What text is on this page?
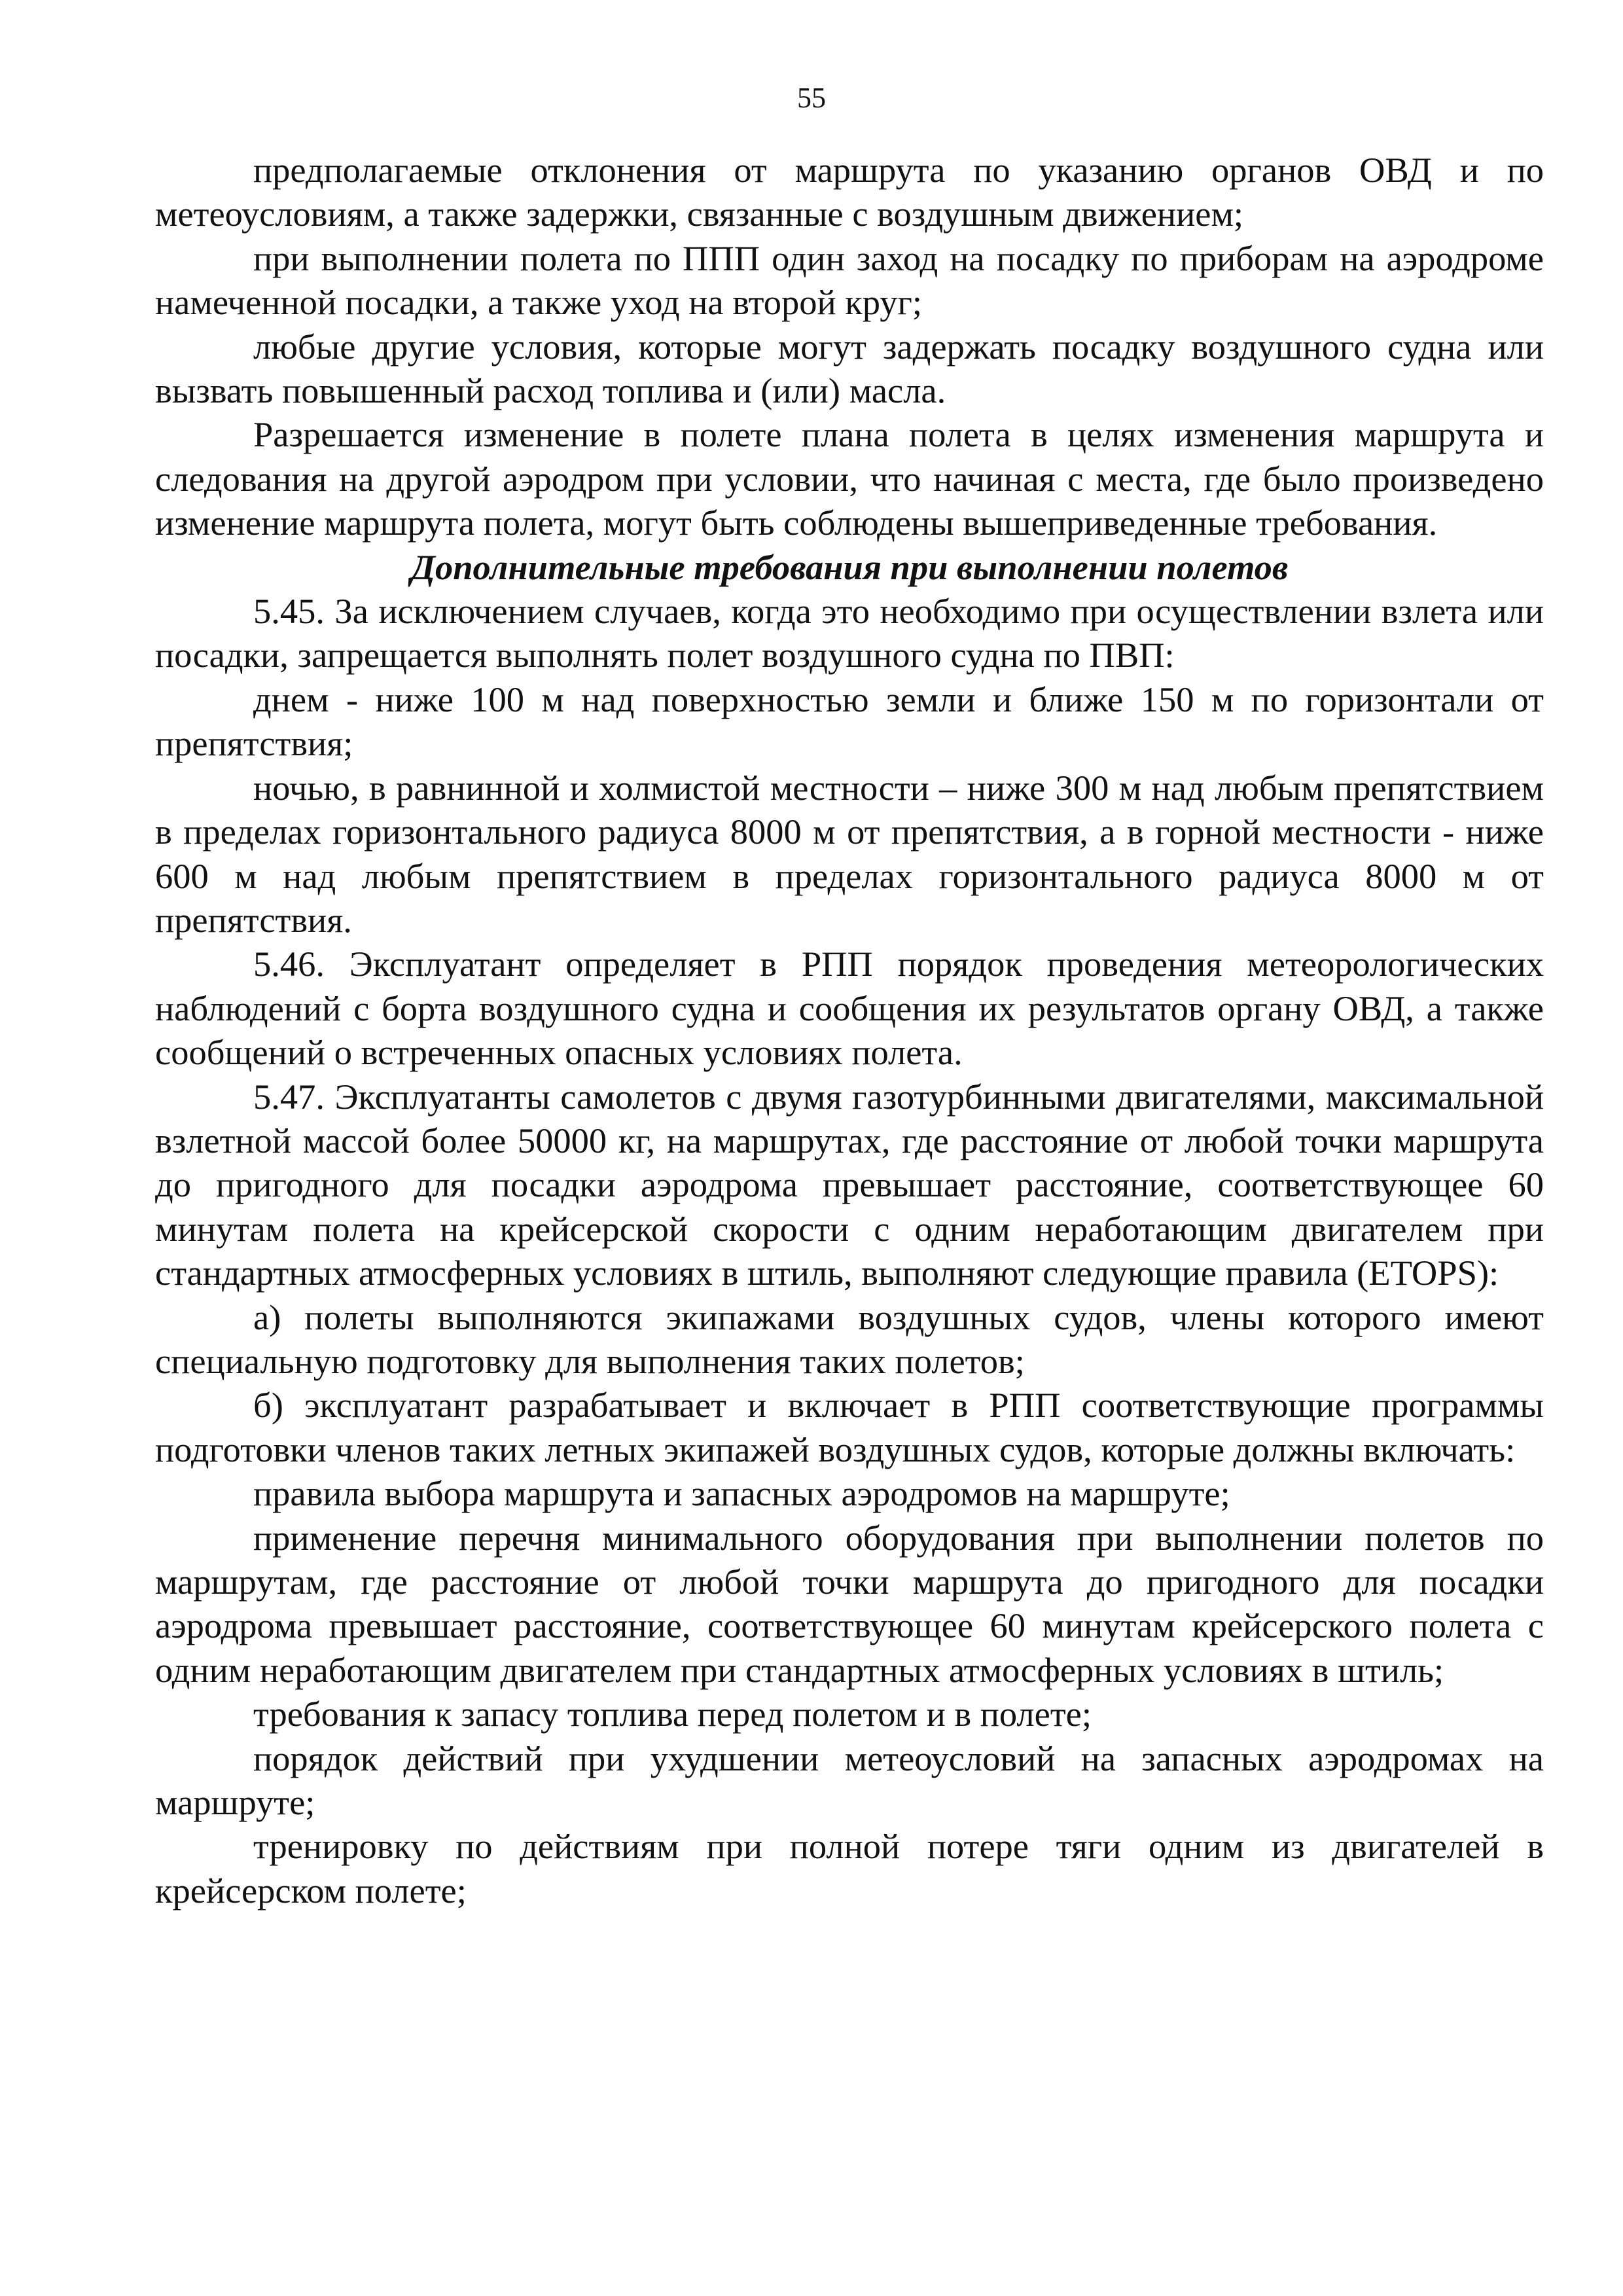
55

предполагаемые отклонения от маршрута по указанию органов ОВД и по метеоусловиям, а также задержки, связанные с воздушным движением;

при выполнении полета по ППП один заход на посадку по приборам на аэродроме намеченной посадки, а также уход на второй круг;

любые другие условия, которые могут задержать посадку воздушного судна или вызвать повышенный расход топлива и (или) масла.

Разрешается изменение в полете плана полета в целях изменения маршрута и следования на другой аэродром при условии, что начиная с места, где было произведено изменение маршрута полета, могут быть соблюдены вышеприведенные требования.

Дополнительные требования при выполнении полетов

5.45. За исключением случаев, когда это необходимо при осуществлении взлета или посадки, запрещается выполнять полет воздушного судна по ПВП:

днем - ниже 100 м над поверхностью земли и ближе 150 м по горизонтали от препятствия;

ночью, в равнинной и холмистой местности – ниже 300 м над любым препятствием в пределах горизонтального радиуса 8000 м от препятствия, а в горной местности - ниже 600 м над любым препятствием в пределах горизонтального радиуса 8000 м от препятствия.

5.46. Эксплуатант определяет в РПП порядок проведения метеорологических наблюдений с борта воздушного судна и сообщения их результатов органу ОВД, а также сообщений о встреченных опасных условиях полета.

5.47. Эксплуатанты самолетов с двумя газотурбинными двигателями, максимальной взлетной массой более 50000 кг, на маршрутах, где расстояние от любой точки маршрута до пригодного для посадки аэродрома превышает расстояние, соответствующее 60 минутам полета на крейсерской скорости с одним неработающим двигателем при стандартных атмосферных условиях в штиль, выполняют следующие правила (ETOPS):

а) полеты выполняются экипажами воздушных судов, члены которого имеют специальную подготовку для выполнения таких полетов;

б) эксплуатант разрабатывает и включает в РПП соответствующие программы подготовки членов таких летных экипажей воздушных судов, которые должны включать:

правила выбора маршрута и запасных аэродромов на маршруте;

применение перечня минимального оборудования при выполнении полетов по маршрутам, где расстояние от любой точки маршрута до пригодного для посадки аэродрома превышает расстояние, соответствующее 60 минутам крейсерского полета с одним неработающим двигателем при стандартных атмосферных условиях в штиль;

требования к запасу топлива перед полетом и в полете;

порядок действий при ухудшении метеоусловий на запасных аэродромах на маршруте;

тренировку по действиям при полной потере тяги одним из двигателей в крейсерском полете;
